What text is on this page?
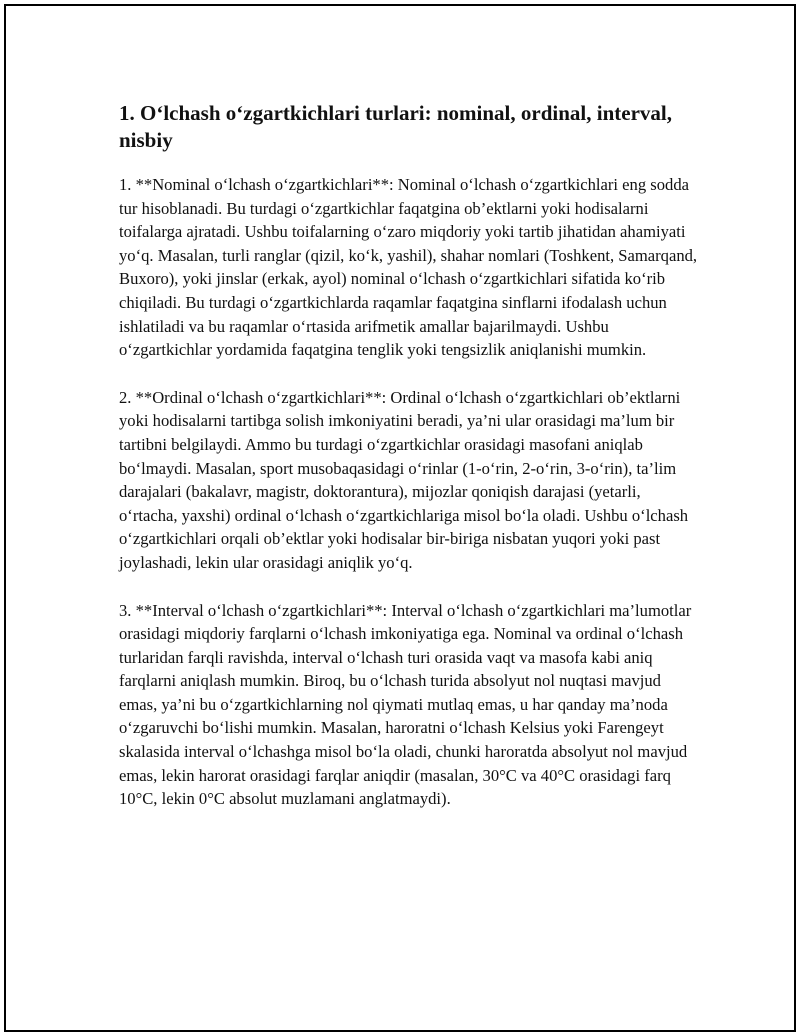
1. O‘lchash o‘zgartkichlari turlari: nominal, ordinal, interval, nisbiy

1. **Nominal o‘lchash o‘zgartkichlari**: Nominal o‘lchash o‘zgartkichlari eng sodda tur hisoblanadi. Bu turdagi o‘zgartkichlar faqatgina ob’ektlarni yoki hodisalarni toifalarga ajratadi. Ushbu toifalarning o‘zaro miqdoriy yoki tartib jihatidan ahamiyati yo‘q. Masalan, turli ranglar (qizil, ko‘k, yashil), shahar nomlari (Toshkent, Samarqand, Buxoro), yoki jinslar (erkak, ayol) nominal o‘lchash o‘zgartkichlari sifatida ko‘rib chiqiladi. Bu turdagi o‘zgartkichlarda raqamlar faqatgina sinflarni ifodalash uchun ishlatiladi va bu raqamlar o‘rtasida arifmetik amallar bajarilmaydi. Ushbu o‘zgartkichlar yordamida faqatgina tenglik yoki tengsizlik aniqlanishi mumkin.

2. **Ordinal o‘lchash o‘zgartkichlari**: Ordinal o‘lchash o‘zgartkichlari ob’ektlarni yoki hodisalarni tartibga solish imkoniyatini beradi, ya’ni ular orasidagi ma’lum bir tartibni belgilaydi. Ammo bu turdagi o‘zgartkichlar orasidagi masofani aniqlab bo‘lmaydi. Masalan, sport musobaqasidagi o‘rinlar (1-o‘rin, 2-o‘rin, 3-o‘rin), ta’lim darajalari (bakalavr, magistr, doktorantura), mijozlar qoniqish darajasi (yetarli, o‘rtacha, yaxshi) ordinal o‘lchash o‘zgartkichlariga misol bo‘la oladi. Ushbu o‘lchash o‘zgartkichlari orqali ob’ektlar yoki hodisalar bir-biriga nisbatan yuqori yoki past joylashadi, lekin ular orasidagi aniqlik yo‘q.

3. **Interval o‘lchash o‘zgartkichlari**: Interval o‘lchash o‘zgartkichlari ma’lumotlar orasidagi miqdoriy farqlarni o‘lchash imkoniyatiga ega. Nominal va ordinal o‘lchash turlaridan farqli ravishda, interval o‘lchash turi orasida vaqt va masofa kabi aniq farqlarni aniqlash mumkin. Biroq, bu o‘lchash turida absolyut nol nuqtasi mavjud emas, ya’ni bu o‘zgartkichlarning nol qiymati mutlaq emas, u har qanday ma’noda o‘zgaruvchi bo‘lishi mumkin. Masalan, haroratni o‘lchash Kelsius yoki Farengeyt skalasida interval o‘lchashga misol bo‘la oladi, chunki haroratda absolyut nol mavjud emas, lekin harorat orasidagi farqlar aniqdir (masalan, 30°C va 40°C orasidagi farq 10°C, lekin 0°C absolut muzlamani anglatmaydi).
